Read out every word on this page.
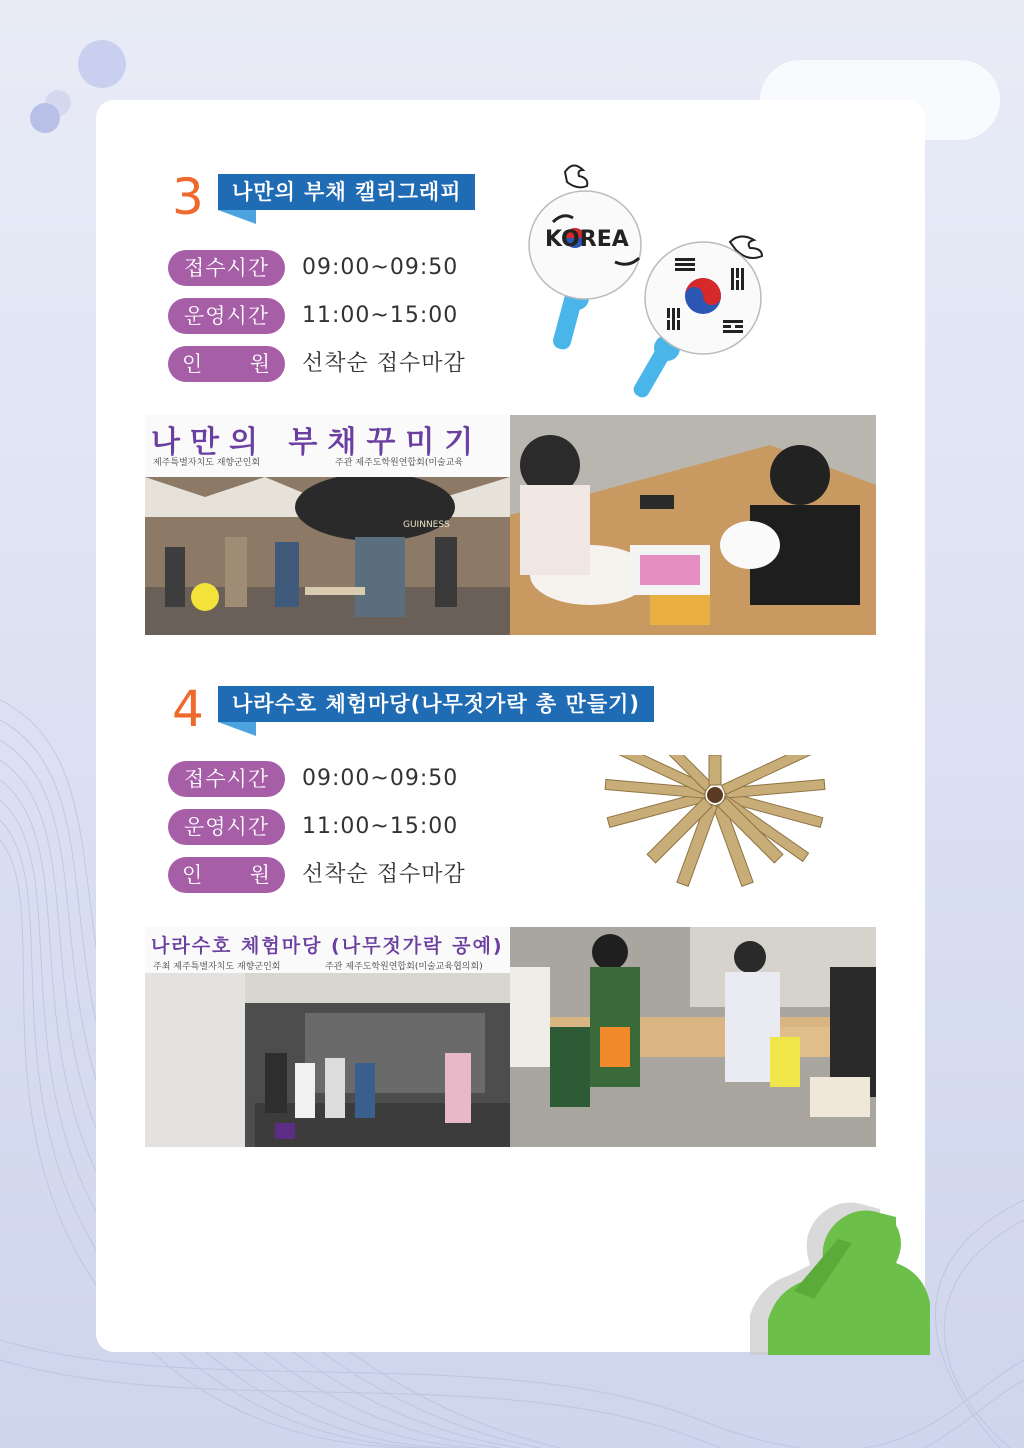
3	나만의 부채 캘리그래피
접수시간	09:00~09:50
운영시간	11:00~15:00
인 원 선착순 접수마감
KOREA
나만의 부채꾸미기
제주특별자치도 재향군인회	주관 제주도학원연합회(미술교육
GUINNESS
4	나라수호 체험마당(나무젓가락 총 만들기)
접수시간	09:00~09:50
운영시간	11:00~15:00
인 원 선착순 접수마감
나라수호 체험마당 (나무젓가락 공예)
주최 제주특별자치도 재향군인회	주관 제주도학원연합회(미술교육협의회)
